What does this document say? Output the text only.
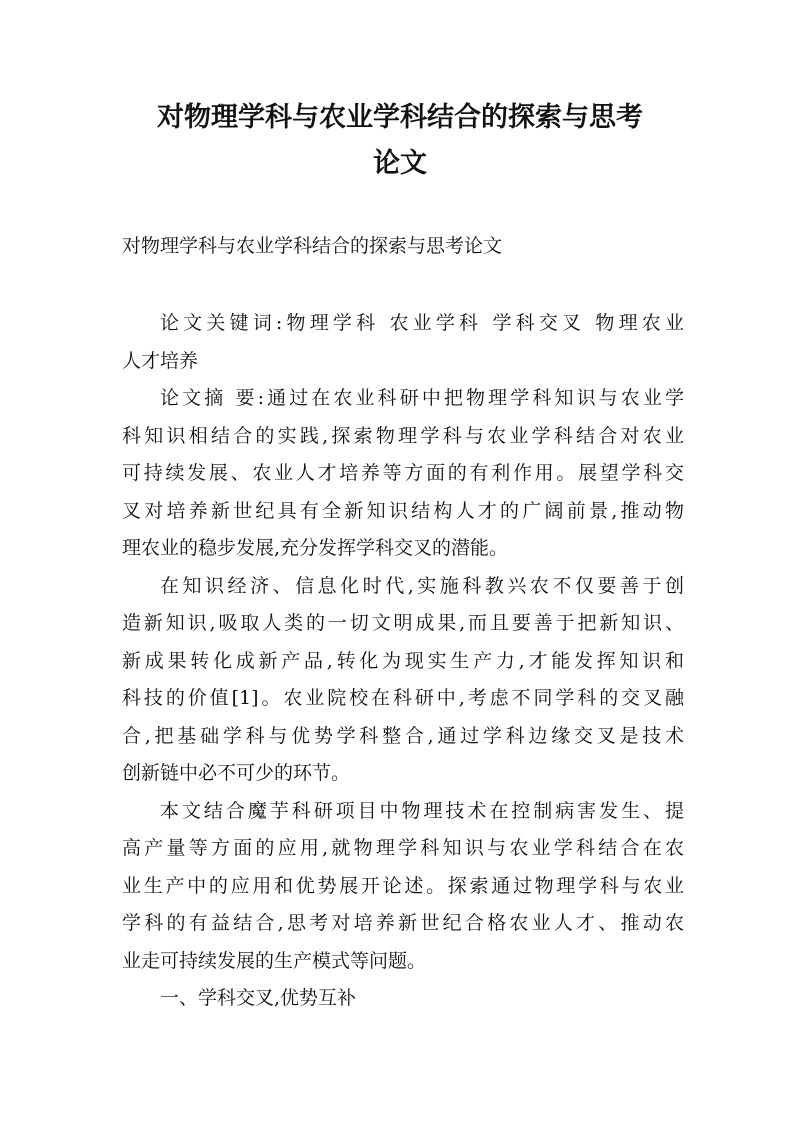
对物理学科与农业学科结合的探索与思考
论文

对物理学科与农业学科结合的探索与思考论文

论文关键词:物理学科 农业学科 学科交叉 物理农业
人才培养
论文摘 要:通过在农业科研中把物理学科知识与农业学
科知识相结合的实践,探索物理学科与农业学科结合对农业
可持续发展、农业人才培养等方面的有利作用。展望学科交
叉对培养新世纪具有全新知识结构人才的广阔前景,推动物
理农业的稳步发展,充分发挥学科交叉的潜能。
在知识经济、信息化时代,实施科教兴农不仅要善于创
造新知识,吸取人类的一切文明成果,而且要善于把新知识、
新成果转化成新产品,转化为现实生产力,才能发挥知识和
科技的价值[1]。农业院校在科研中,考虑不同学科的交叉融
合,把基础学科与优势学科整合,通过学科边缘交叉是技术
创新链中必不可少的环节。
本文结合魔芋科研项目中物理技术在控制病害发生、提
高产量等方面的应用,就物理学科知识与农业学科结合在农
业生产中的应用和优势展开论述。探索通过物理学科与农业
学科的有益结合,思考对培养新世纪合格农业人才、推动农
业走可持续发展的生产模式等问题。
一、学科交叉,优势互补
